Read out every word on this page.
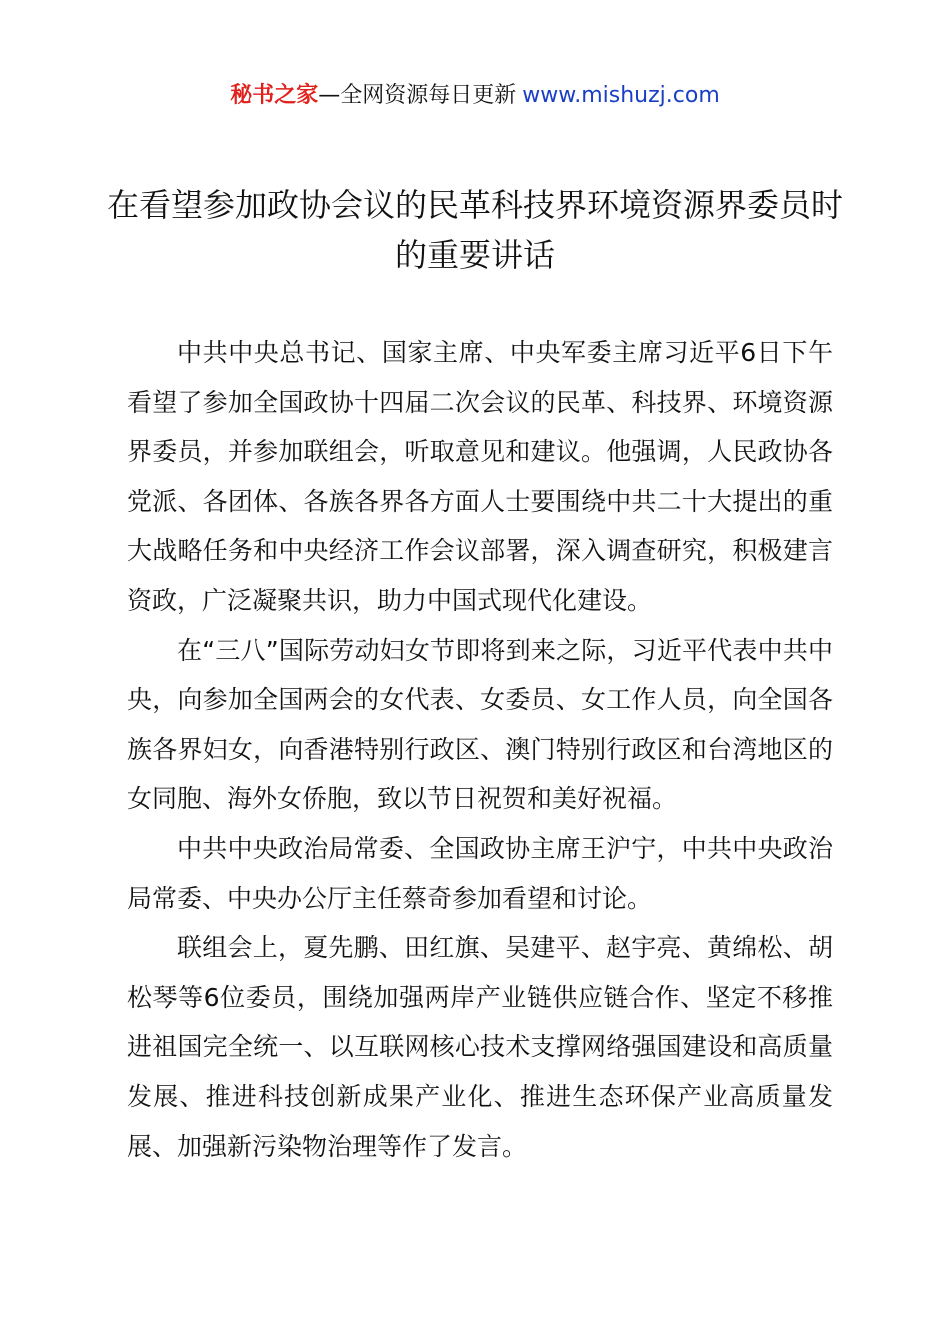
秘书之家—全网资源每日更新 www.mishuzj.com
在看望参加政协会议的民革科技界环境资源界委员时的重要讲话

中共中央总书记、国家主席、中央军委主席习近平6日下午看望了参加全国政协十四届二次会议的民革、科技界、环境资源界委员，并参加联组会，听取意见和建议。他强调，人民政协各党派、各团体、各族各界各方面人士要围绕中共二十大提出的重大战略任务和中央经济工作会议部署，深入调查研究，积极建言资政，广泛凝聚共识，助力中国式现代化建设。

在“三八”国际劳动妇女节即将到来之际，习近平代表中共中央，向参加全国两会的女代表、女委员、女工作人员，向全国各族各界妇女，向香港特别行政区、澳门特别行政区和台湾地区的女同胞、海外女侨胞，致以节日祝贺和美好祝福。

中共中央政治局常委、全国政协主席王沪宁，中共中央政治局常委、中央办公厅主任蔡奇参加看望和讨论。

联组会上，夏先鹏、田红旗、吴建平、赵宇亮、黄绵松、胡松琴等6位委员，围绕加强两岸产业链供应链合作、坚定不移推进祖国完全统一、以互联网核心技术支撑网络强国建设和高质量发展、推进科技创新成果产业化、推进生态环保产业高质量发展、加强新污染物治理等作了发言。
